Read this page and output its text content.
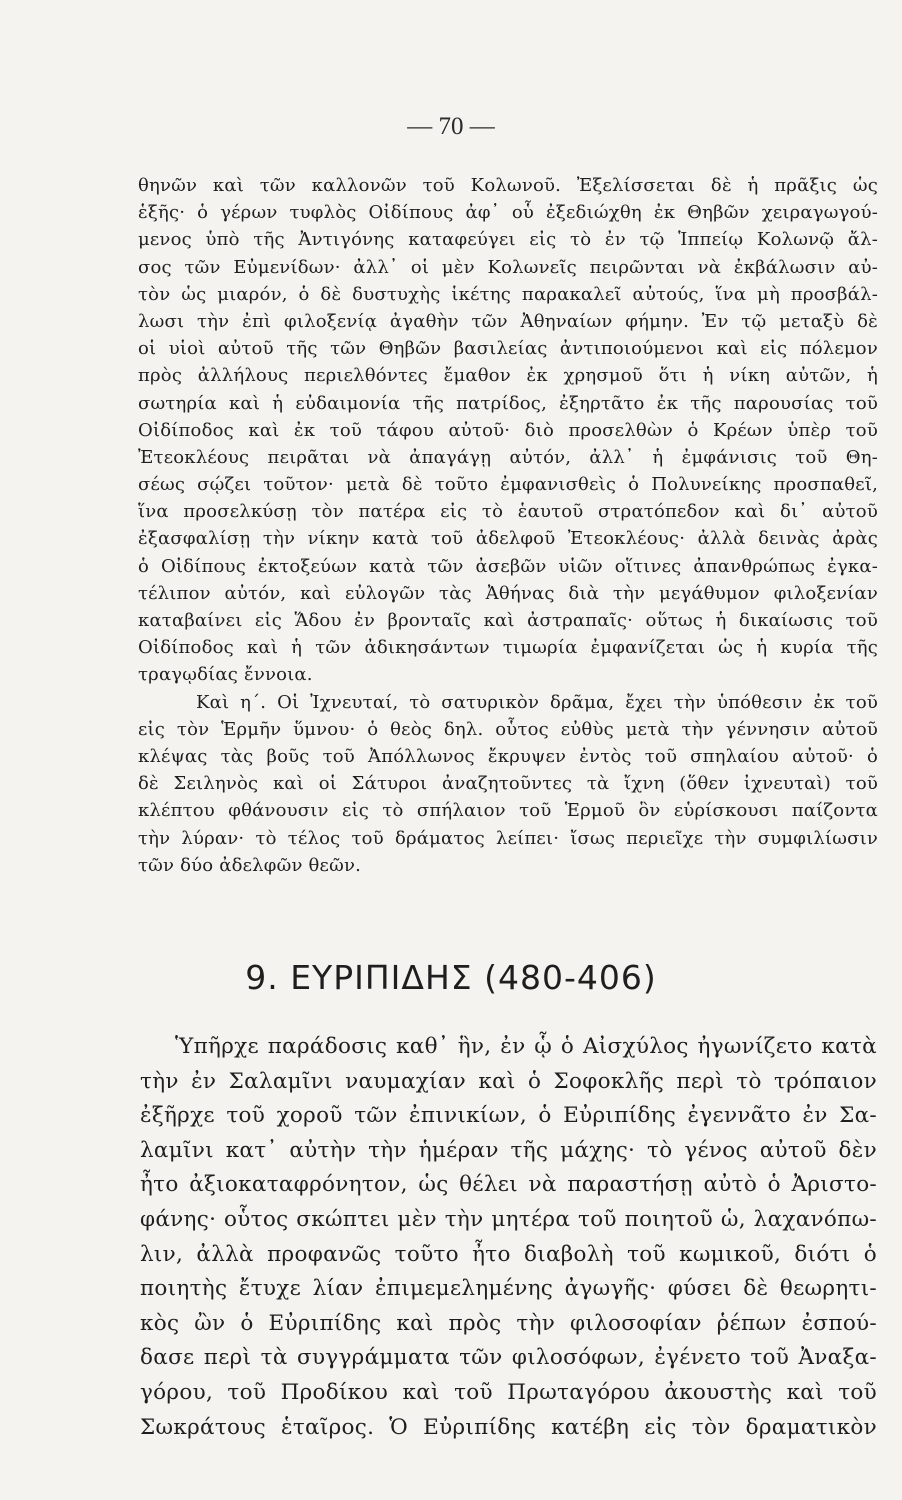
— 70 —
θηνῶν καὶ τῶν καλλονῶν τοῦ Κολωνοῦ. Ἐξελίσσεται δὲ ἡ πρᾶξις ὡς
ἑξῆς· ὁ γέρων τυφλὸς Οἰδίπους ἀφ᾽ οὗ ἐξεδιώχθη ἐκ Θηβῶν χειραγωγού-
μενος ὑπὸ τῆς Ἀντιγόνης καταφεύγει εἰς τὸ ἐν τῷ Ἱππείῳ Κολωνῷ ἄλ-
σος τῶν Εὐμενίδων· ἀλλ᾽ οἱ μὲν Κολωνεῖς πειρῶνται νὰ ἐκβάλωσιν αὐ-
τὸν ὡς μιαρόν, ὁ δὲ δυστυχὴς ἱκέτης παρακαλεῖ αὐτούς, ἵνα μὴ προσβάλ-
λωσι τὴν ἐπὶ φιλοξενίᾳ ἀγαθὴν τῶν Ἀθηναίων φήμην. Ἐν τῷ μεταξὺ δὲ
οἱ υἱοὶ αὐτοῦ τῆς τῶν Θηβῶν βασιλείας ἀντιποιούμενοι καὶ εἰς πόλεμον
πρὸς ἀλλήλους περιελθόντες ἔμαθον ἐκ χρησμοῦ ὅτι ἡ νίκη αὐτῶν, ἡ
σωτηρία καὶ ἡ εὐδαιμονία τῆς πατρίδος, ἐξηρτᾶτο ἐκ τῆς παρουσίας τοῦ
Οἰδίποδος καὶ ἐκ τοῦ τάφου αὐτοῦ· διὸ προσελθὼν ὁ Κρέων ὑπὲρ τοῦ
Ἐτεοκλέους πειρᾶται νὰ ἀπαγάγῃ αὐτόν, ἀλλ᾽ ἡ ἐμφάνισις τοῦ Θη-
σέως σῴζει τοῦτον· μετὰ δὲ τοῦτο ἐμφανισθεὶς ὁ Πολυνείκης προσπαθεῖ,
ἵνα προσελκύσῃ τὸν πατέρα εἰς τὸ ἑαυτοῦ στρατόπεδον καὶ δι᾽ αὐτοῦ
ἐξασφαλίσῃ τὴν νίκην κατὰ τοῦ ἀδελφοῦ Ἐτεοκλέους· ἀλλὰ δεινὰς ἀρὰς
ὁ Οἰδίπους ἐκτοξεύων κατὰ τῶν ἀσεβῶν υἱῶν οἵτινες ἀπανθρώπως ἐγκα-
τέλιπον αὐτόν, καὶ εὐλογῶν τὰς Ἀθήνας διὰ τὴν μεγάθυμον φιλοξενίαν
καταβαίνει εἰς Ἅδου ἐν βρονταῖς καὶ ἀστραπαῖς· οὕτως ἡ δικαίωσις τοῦ
Οἰδίποδος καὶ ἡ τῶν ἀδικησάντων τιμωρία ἐμφανίζεται ὡς ἡ κυρία τῆς
τραγῳδίας ἔννοια.
Καὶ η´. Οἱ Ἰχνευταί, τὸ σατυρικὸν δρᾶμα, ἔχει τὴν ὑπόθεσιν ἐκ τοῦ
εἰς τὸν Ἑρμῆν ὕμνου· ὁ θεὸς δηλ. οὗτος εὐθὺς μετὰ τὴν γέννησιν αὐτοῦ
κλέψας τὰς βοῦς τοῦ Ἀπόλλωνος ἔκρυψεν ἐντὸς τοῦ σπηλαίου αὐτοῦ· ὁ
δὲ Σειληνὸς καὶ οἱ Σάτυροι ἀναζητοῦντες τὰ ἴχνη (ὅθεν ἰχνευταὶ) τοῦ
κλέπτου φθάνουσιν εἰς τὸ σπήλαιον τοῦ Ἑρμοῦ ὃν εὑρίσκουσι παίζοντα
τὴν λύραν· τὸ τέλος τοῦ δράματος λείπει· ἴσως περιεῖχε τὴν συμφιλίωσιν
τῶν δύο ἀδελφῶν θεῶν.
9. ΕΥΡΙΠΙΔΗΣ (480-406)
Ὑπῆρχε παράδοσις καθ᾽ ἣν, ἐν ᾧ ὁ Αἰσχύλος ἠγωνίζετο κατὰ
τὴν ἐν Σαλαμῖνι ναυμαχίαν καὶ ὁ Σοφοκλῆς περὶ τὸ τρόπαιον
ἐξῆρχε τοῦ χοροῦ τῶν ἐπινικίων, ὁ Εὐριπίδης ἐγεννᾶτο ἐν Σα-
λαμῖνι κατ᾽ αὐτὴν τὴν ἡμέραν τῆς μάχης· τὸ γένος αὐτοῦ δὲν
ἦτο ἀξιοκαταφρόνητον, ὡς θέλει νὰ παραστήσῃ αὐτὸ ὁ Ἀριστο-
φάνης· οὗτος σκώπτει μὲν τὴν μητέρα τοῦ ποιητοῦ ὡ, λαχανόπω-
λιν, ἀλλὰ προφανῶς τοῦτο ἦτο διαβολὴ τοῦ κωμικοῦ, διότι ὁ
ποιητὴς ἔτυχε λίαν ἐπιμεμελημένης ἀγωγῆς· φύσει δὲ θεωρητι-
κὸς ὢν ὁ Εὐριπίδης καὶ πρὸς τὴν φιλοσοφίαν ῥέπων ἐσπού-
δασε περὶ τὰ συγγράμματα τῶν φιλοσόφων, ἐγένετο τοῦ Ἀναξα-
γόρου, τοῦ Προδίκου καὶ τοῦ Πρωταγόρου ἀκουστὴς καὶ τοῦ
Σωκράτους ἑταῖρος. Ὁ Εὐριπίδης κατέβη εἰς τὸν δραματικὸν
